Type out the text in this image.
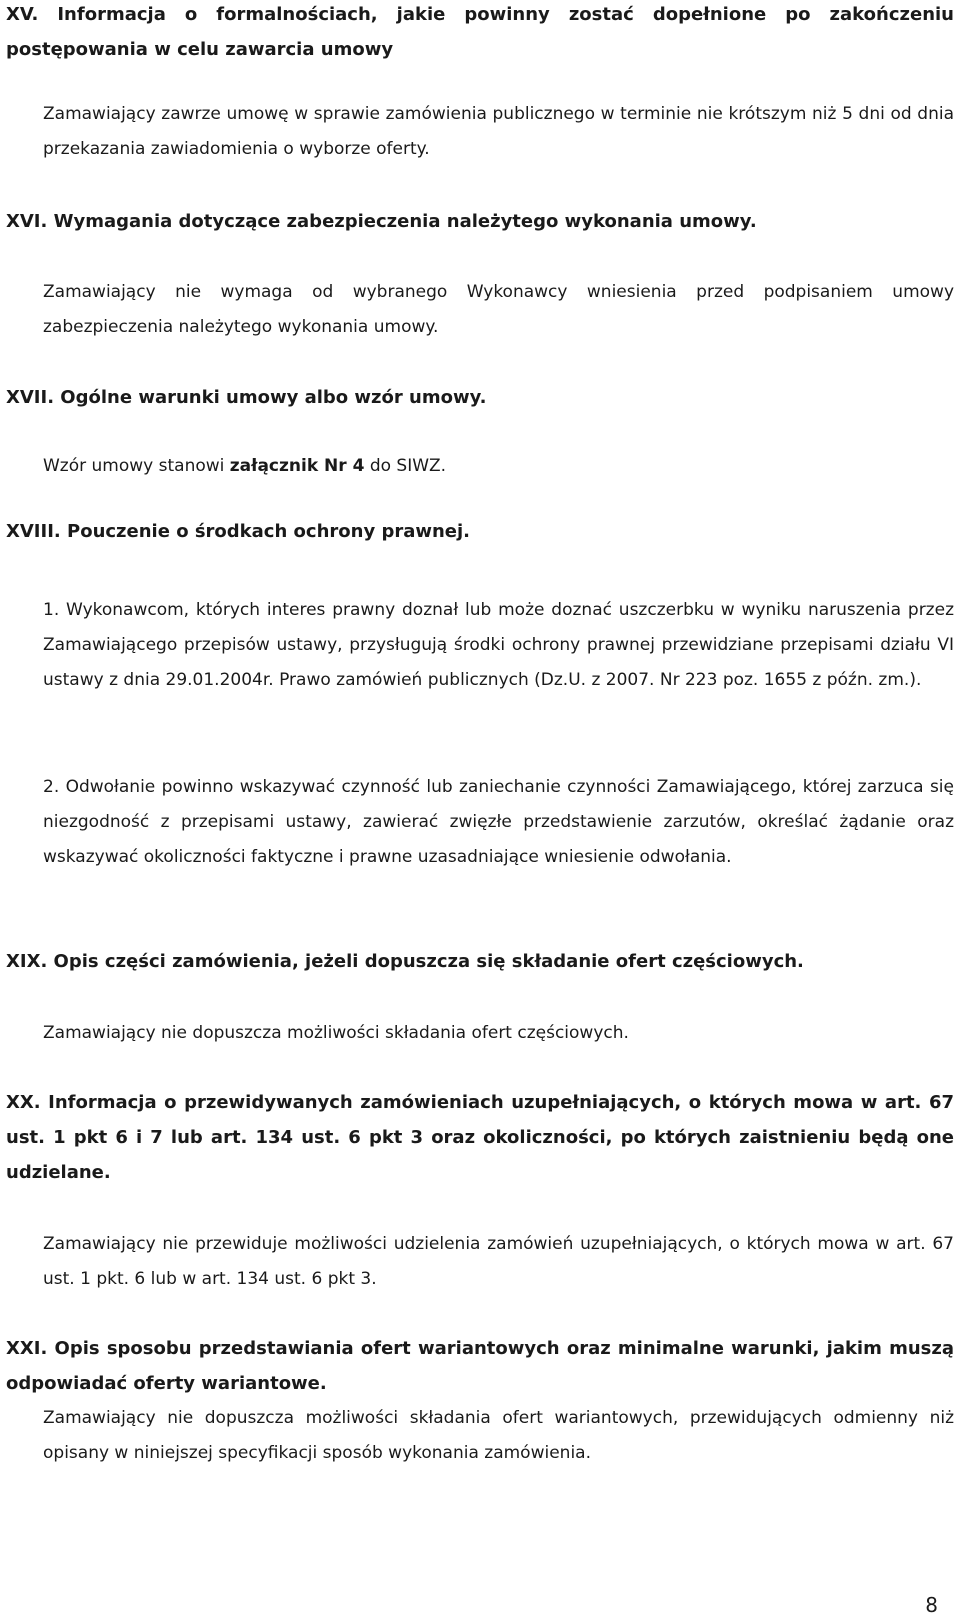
XV. Informacja o formalnościach, jakie powinny zostać dopełnione po zakończeniu postępowania w celu zawarcia umowy

Zamawiający zawrze umowę w sprawie zamówienia publicznego w terminie nie krótszym niż 5 dni od dnia przekazania zawiadomienia o wyborze oferty.

XVI. Wymagania dotyczące zabezpieczenia należytego wykonania umowy.

Zamawiający nie wymaga od wybranego Wykonawcy wniesienia przed podpisaniem umowy zabezpieczenia należytego wykonania umowy.

XVII. Ogólne warunki umowy albo wzór umowy.

Wzór umowy stanowi załącznik Nr 4 do SIWZ.

XVIII. Pouczenie o środkach ochrony prawnej.

1. Wykonawcom, których interes prawny doznał lub może doznać uszczerbku w wyniku naruszenia przez Zamawiającego przepisów ustawy, przysługują środki ochrony prawnej przewidziane przepisami działu VI ustawy z dnia 29.01.2004r. Prawo zamówień publicznych (Dz.U. z 2007. Nr 223 poz. 1655 z późn. zm.).

2. Odwołanie powinno wskazywać czynność lub zaniechanie czynności Zamawiającego, której zarzuca się niezgodność z przepisami ustawy, zawierać zwięzłe przedstawienie zarzutów, określać żądanie oraz wskazywać okoliczności faktyczne i prawne uzasadniające wniesienie odwołania.

XIX. Opis części zamówienia, jeżeli dopuszcza się składanie ofert częściowych.

Zamawiający nie dopuszcza możliwości składania ofert częściowych.

XX. Informacja o przewidywanych zamówieniach uzupełniających, o których mowa w art. 67 ust. 1 pkt 6 i 7 lub art. 134 ust. 6 pkt 3 oraz okoliczności, po których zaistnieniu będą one udzielane.

Zamawiający nie przewiduje możliwości udzielenia zamówień uzupełniających, o których mowa w art. 67 ust. 1 pkt. 6 lub w art. 134 ust. 6 pkt 3.

XXI. Opis sposobu przedstawiania ofert wariantowych oraz minimalne warunki, jakim muszą odpowiadać oferty wariantowe.

Zamawiający nie dopuszcza możliwości składania ofert wariantowych, przewidujących odmienny niż opisany w niniejszej specyfikacji sposób wykonania zamówienia.

8
